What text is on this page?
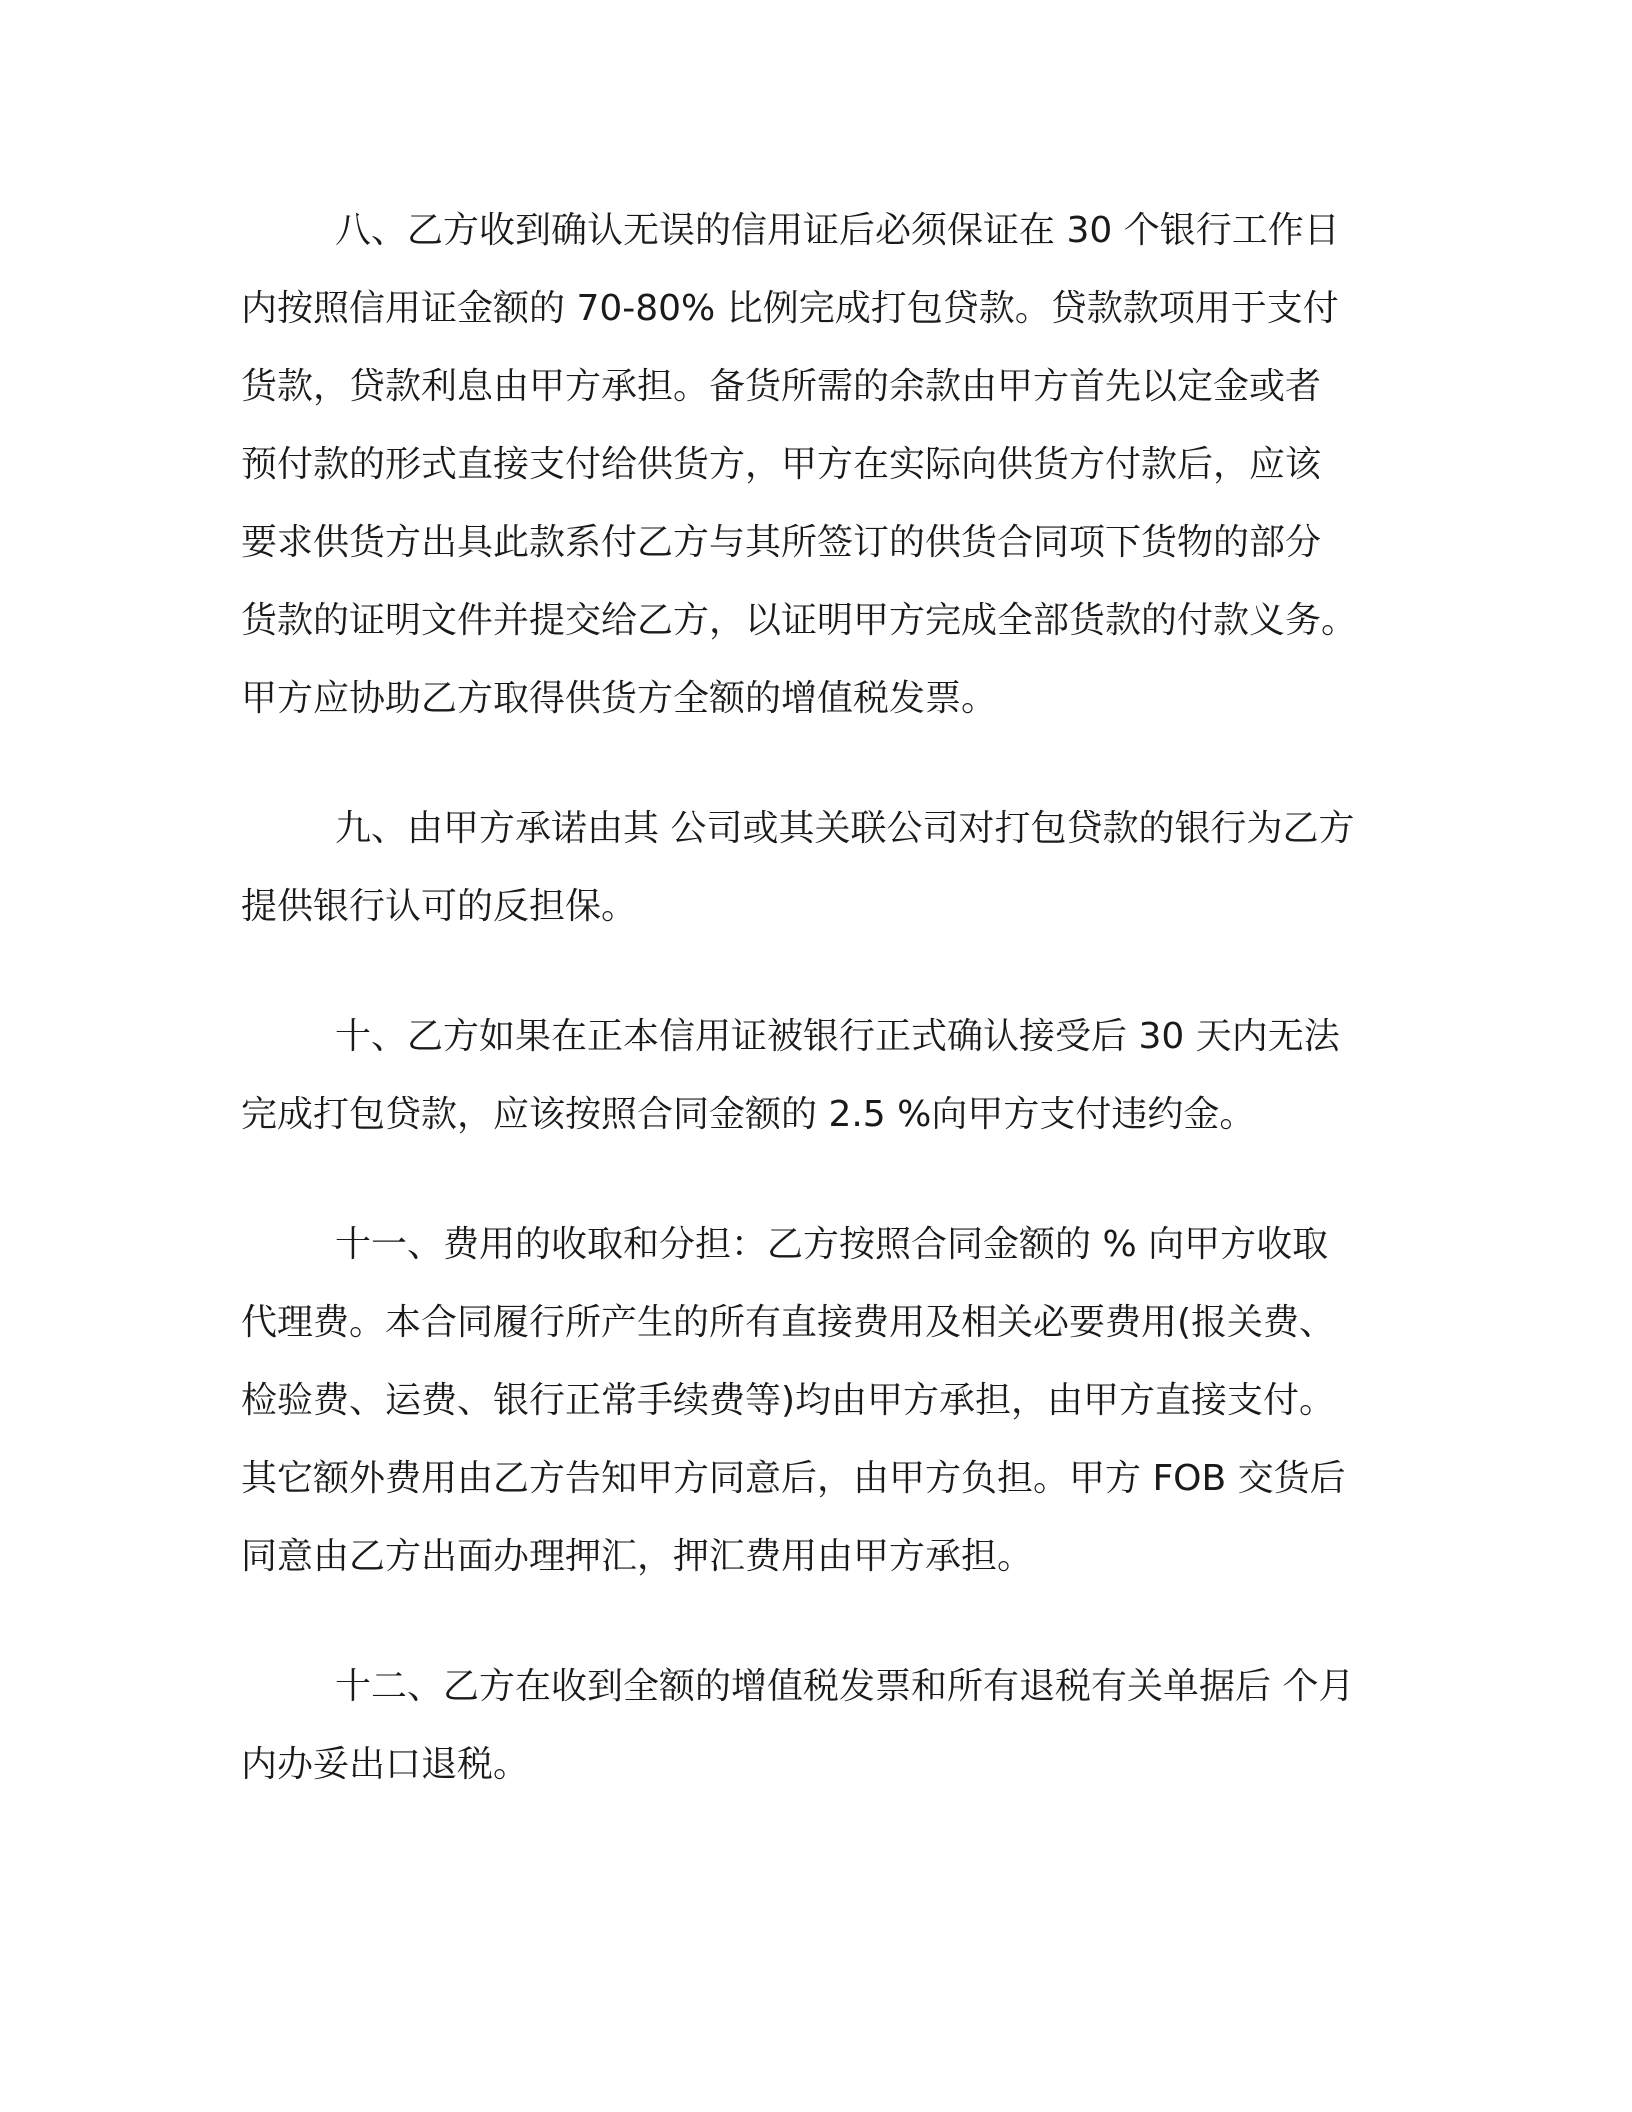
八、乙方收到确认无误的信用证后必须保证在 30 个银行工作日
内按照信用证金额的 70-80% 比例完成打包贷款。贷款款项用于支付
货款，贷款利息由甲方承担。备货所需的余款由甲方首先以定金或者
预付款的形式直接支付给供货方，甲方在实际向供货方付款后，应该
要求供货方出具此款系付乙方与其所签订的供货合同项下货物的部分
货款的证明文件并提交给乙方，以证明甲方完成全部货款的付款义务。
甲方应协助乙方取得供货方全额的增值税发票。
九、由甲方承诺由其 公司或其关联公司对打包贷款的银行为乙方
提供银行认可的反担保。
十、乙方如果在正本信用证被银行正式确认接受后 30 天内无法
完成打包贷款，应该按照合同金额的 2.5 %向甲方支付违约金。
十一、费用的收取和分担：乙方按照合同金额的 % 向甲方收取
代理费。本合同履行所产生的所有直接费用及相关必要费用(报关费、
检验费、运费、银行正常手续费等)均由甲方承担，由甲方直接支付。
其它额外费用由乙方告知甲方同意后，由甲方负担。甲方 FOB 交货后
同意由乙方出面办理押汇，押汇费用由甲方承担。
十二、乙方在收到全额的增值税发票和所有退税有关单据后 个月
内办妥出口退税。
